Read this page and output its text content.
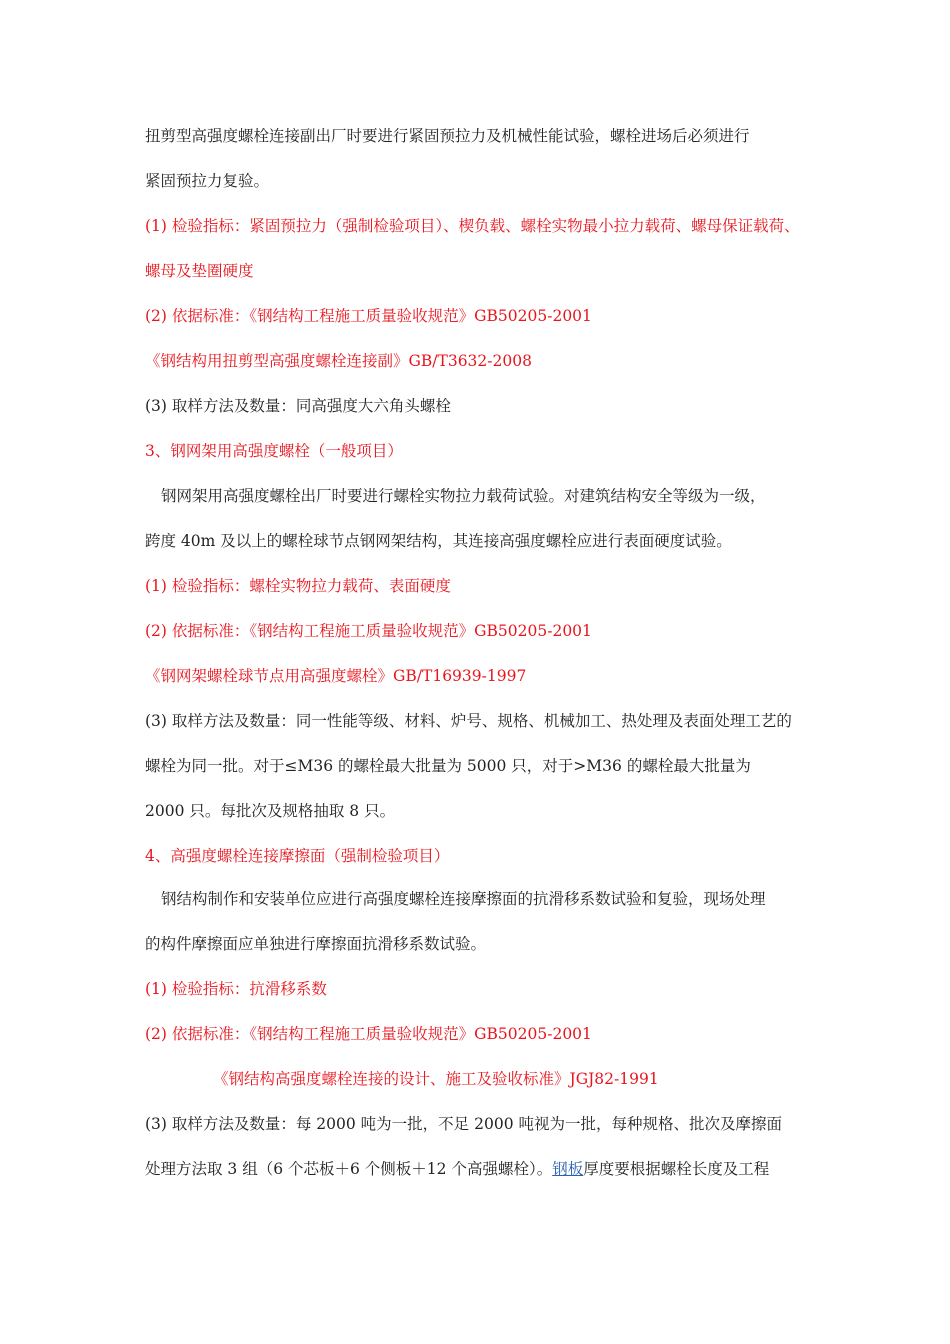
扭剪型高强度螺栓连接副出厂时要进行紧固预拉力及机械性能试验，螺栓进场后必须进行
紧固预拉力复验。
(1) 检验指标：紧固预拉力（强制检验项目）、楔负载、螺栓实物最小拉力载荷、螺母保证载荷、
螺母及垫圈硬度
(2) 依据标准：《钢结构工程施工质量验收规范》GB50205-2001
《钢结构用扭剪型高强度螺栓连接副》GB/T3632-2008
(3) 取样方法及数量：同高强度大六角头螺栓
3、钢网架用高强度螺栓（一般项目）
钢网架用高强度螺栓出厂时要进行螺栓实物拉力载荷试验。对建筑结构安全等级为一级，
跨度 40m 及以上的螺栓球节点钢网架结构，其连接高强度螺栓应进行表面硬度试验。
(1) 检验指标：螺栓实物拉力载荷、表面硬度
(2) 依据标准：《钢结构工程施工质量验收规范》GB50205-2001
《钢网架螺栓球节点用高强度螺栓》GB/T16939-1997
(3) 取样方法及数量：同一性能等级、材料、炉号、规格、机械加工、热处理及表面处理工艺的
螺栓为同一批。对于≤M36 的螺栓最大批量为 5000 只，对于>M36 的螺栓最大批量为
2000 只。每批次及规格抽取 8 只。
4、高强度螺栓连接摩擦面（强制检验项目）
钢结构制作和安装单位应进行高强度螺栓连接摩擦面的抗滑移系数试验和复验，现场处理
的构件摩擦面应单独进行摩擦面抗滑移系数试验。
(1) 检验指标：抗滑移系数
(2) 依据标准：《钢结构工程施工质量验收规范》GB50205-2001
《钢结构高强度螺栓连接的设计、施工及验收标准》JGJ82-1991
(3) 取样方法及数量：每 2000 吨为一批，不足 2000 吨视为一批，每种规格、批次及摩擦面
处理方法取 3 组（6 个芯板＋6 个侧板＋12 个高强螺栓）。钢板厚度要根据螺栓长度及工程
